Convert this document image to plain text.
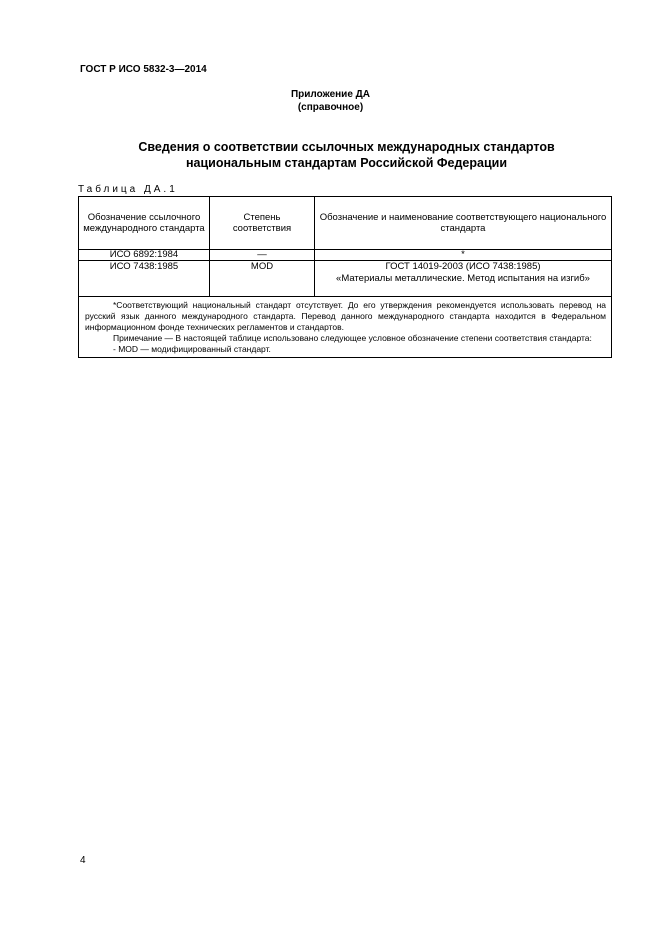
ГОСТ Р ИСО 5832-3—2014
Приложение ДА
(справочное)
Сведения о соответствии ссылочных международных стандартов
национальным стандартам Российской Федерации
Таблица ДА.1
Обозначение ссылочного международного стандарта	Степень соответствия	Обозначение и наименование соответствующего национального стандарта
ИСО 6892:1984	—	*
ИСО 7438:1985	MOD	ГОСТ 14019-2003 (ИСО 7438:1985)
«Материалы металлические. Метод испытания на изгиб»

*Соответствующий национальный стандарт отсутствует. До его утверждения рекомендуется использовать перевод на русский язык данного международного стандарта. Перевод данного международного стандарта находится в Федеральном информационном фонде технических регламентов и стандартов.
Примечание — В настоящей таблице использовано следующее условное обозначение степени соответствия стандарта:
- MOD — модифицированный стандарт.		
4
